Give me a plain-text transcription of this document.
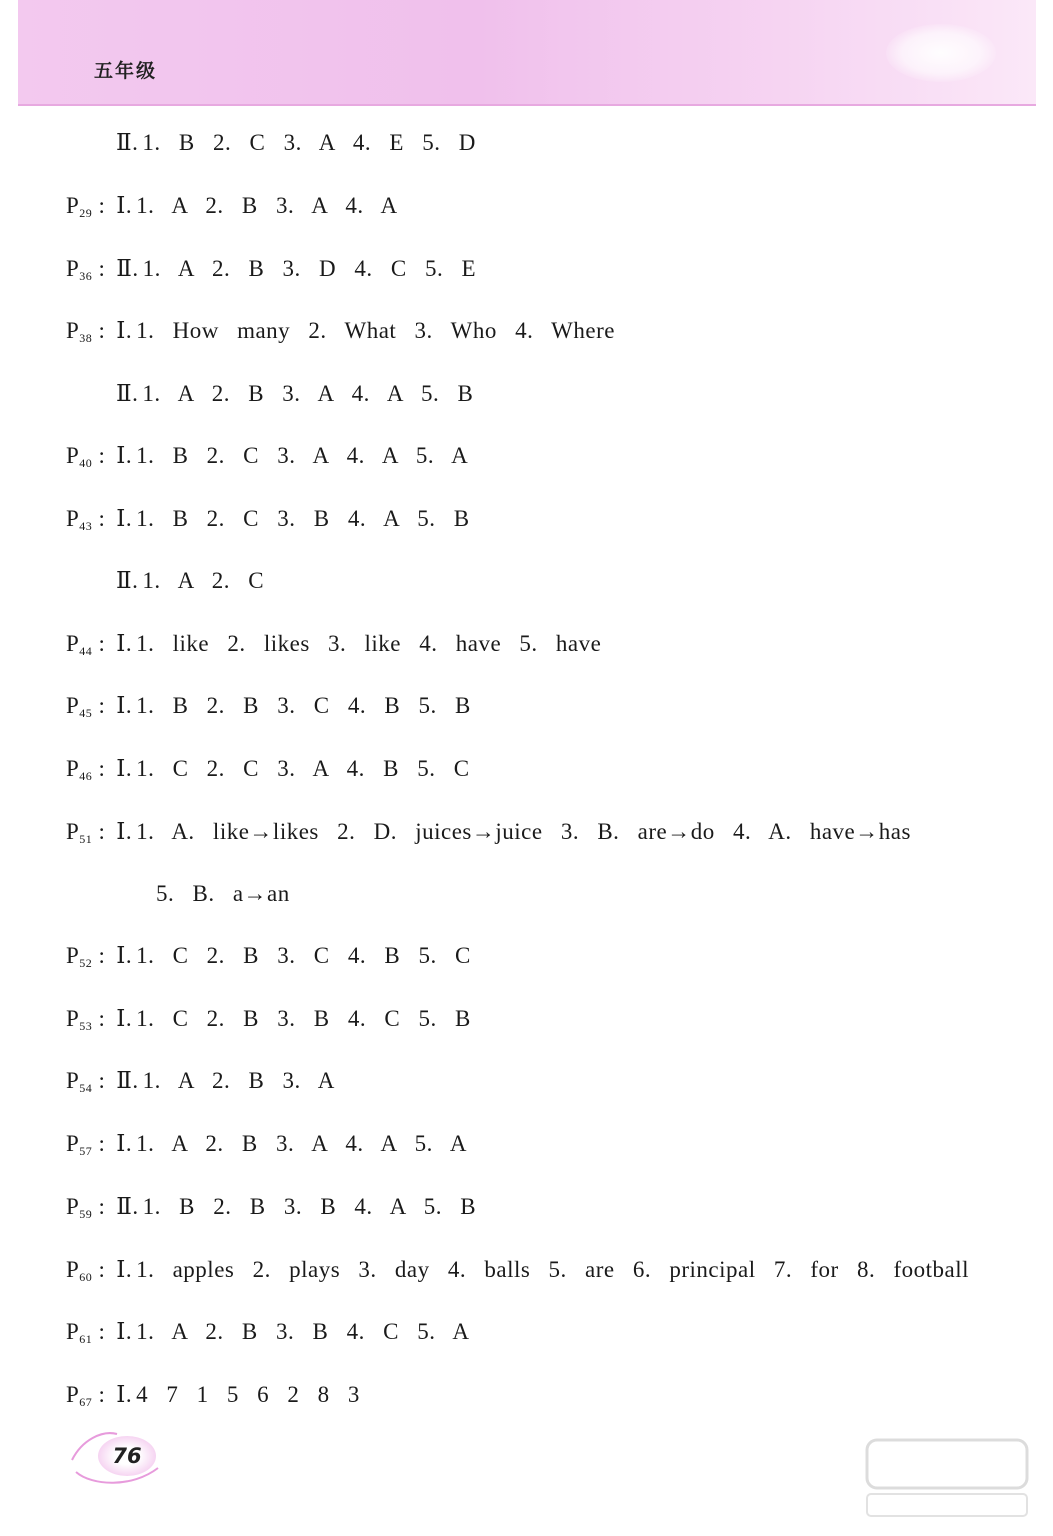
五年级
Ⅱ. 1. B 2. C 3. A 4. E 5. D
$P_{29}$ : Ⅰ. 1. A 2. B 3. A 4. A
$P_{36}$ : Ⅱ. 1. A 2. B 3. D 4. C 5. E
$P_{38}$ : Ⅰ. 1. How many 2. What 3. Who 4. Where
Ⅱ. 1. A 2. B 3. A 4. A 5. B
$P_{40}$ : Ⅰ. 1. B 2. C 3. A 4. A 5. A
$P_{43}$ : Ⅰ. 1. B 2. C 3. B 4. A 5. B
Ⅱ. 1. A 2. C
$P_{44}$ : Ⅰ. 1. like 2. likes 3. like 4. have 5. have
$P_{45}$ : Ⅰ. 1. B 2. B 3. C 4. B 5. B
$P_{46}$ : Ⅰ. 1. C 2. C 3. A 4. B 5. C
$P_{51}$ : Ⅰ. 1. A. like→likes 2. D. juices→juice 3. B. are→do 4. A. have→has
5. B. a→an
$P_{52}$ : Ⅰ. 1. C 2. B 3. C 4. B 5. C
$P_{53}$ : Ⅰ. 1. C 2. B 3. B 4. C 5. B
$P_{54}$ : Ⅱ. 1. A 2. B 3. A
$P_{57}$ : Ⅰ. 1. A 2. B 3. A 4. A 5. A
$P_{59}$ : Ⅱ. 1. B 2. B 3. B 4. A 5. B
$P_{60}$ : Ⅰ. 1. apples 2. plays 3. day 4. balls 5. are 6. principal 7. for 8. football
$P_{61}$ : Ⅰ. 1. A 2. B 3. B 4. C 5. A
$P_{67}$ : Ⅰ. 4 7 1 5 6 2 8 3
76
